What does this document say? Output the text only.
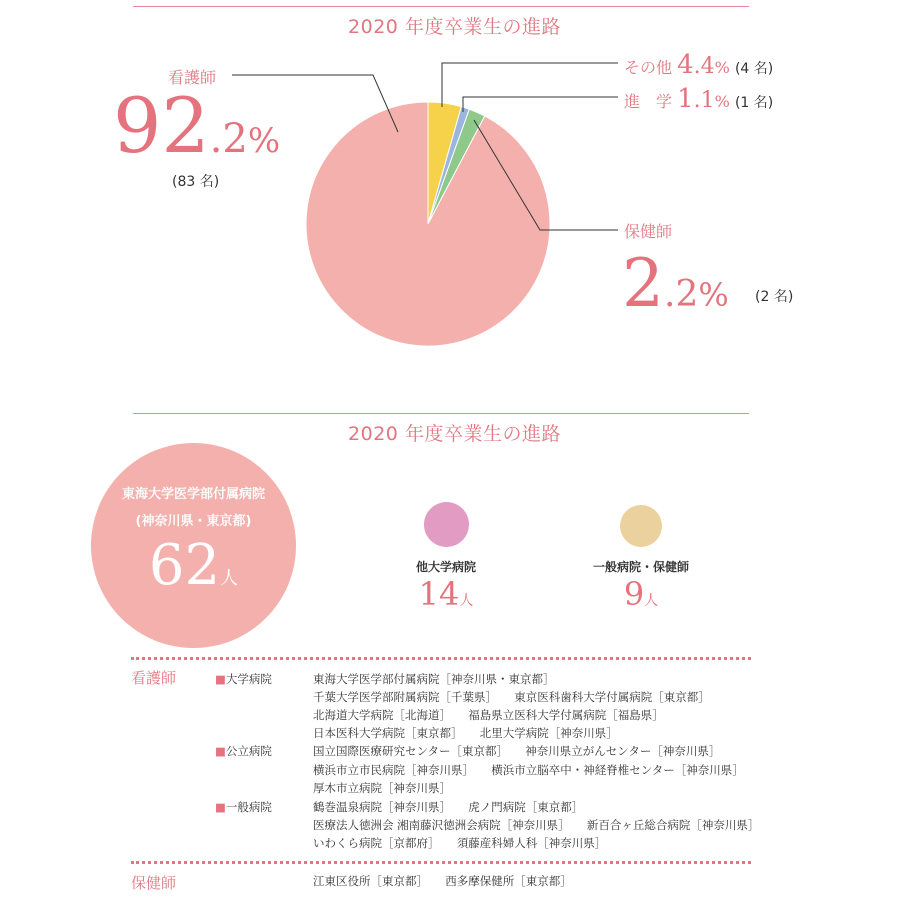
2020 年度卒業生の進路
看護師
92.2%
(83 名)
その他 4.4% (4 名)
進　学 1.1% (1 名)
保健師
2.2% (2 名)
2020 年度卒業生の進路
東海大学医学部付属病院
(神奈川県・東京都)
62人
他大学病院
14人
一般病院・保健師
9人
看護師	■大学病院	東海大学医学部付属病院［神奈川県・東京都］
千葉大学医学部附属病院［千葉県］　　東京医科歯科大学付属病院［東京都］
北海道大学病院［北海道］　　福島県立医科大学付属病院［福島県］
日本医科大学病院［東京都］　　北里大学病院［神奈川県］
■公立病院	国立国際医療研究センター［東京都］　　神奈川県立がんセンター［神奈川県］
横浜市立市民病院［神奈川県］　　横浜市立脳卒中・神経脊椎センター［神奈川県］
厚木市立病院［神奈川県］
■一般病院	鶴巻温泉病院［神奈川県］　　虎ノ門病院［東京都］
医療法人徳洲会 湘南藤沢徳洲会病院［神奈川県］　　新百合ヶ丘総合病院［神奈川県］
いわくら病院［京都府］　　須藤産科婦人科［神奈川県］
保健師	江東区役所［東京都］　　西多摩保健所［東京都］
